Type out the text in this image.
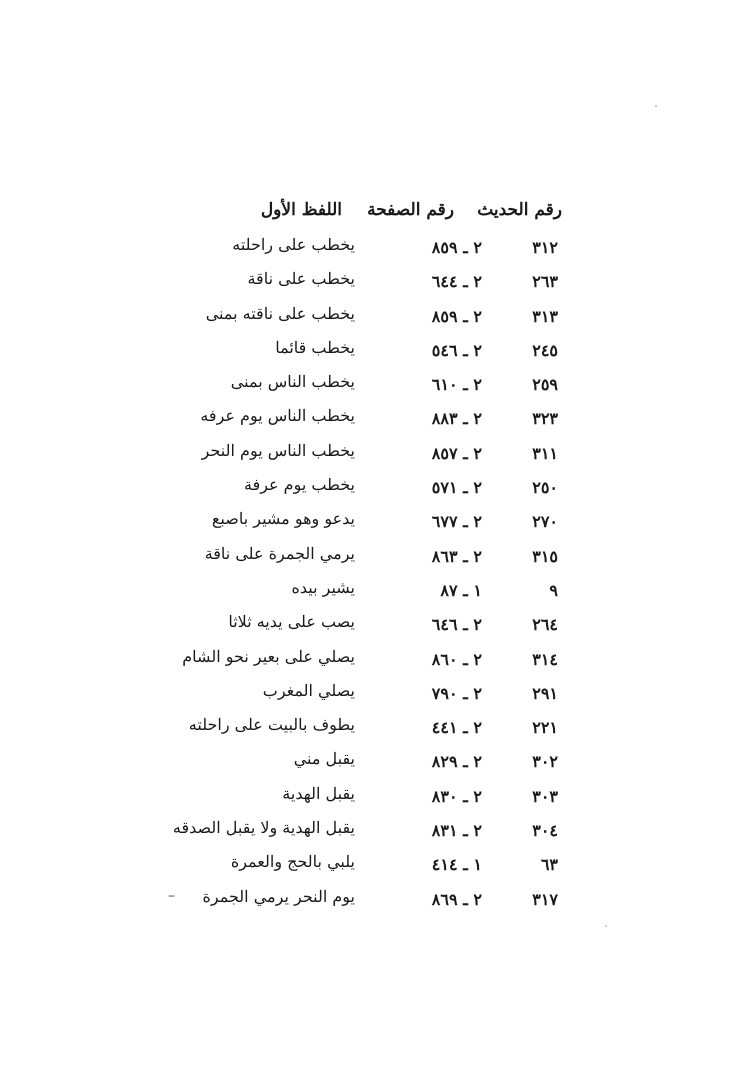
رقم الحديث
رقم الصفحة
اللفظ الأول
٣١٢
٢ ـ ٨٥٩
يخطب على راحلته
٢٦٣
٢ ـ ٦٤٤
يخطب على ناقة
٣١٣
٢ ـ ٨٥٩
يخطب على ناقته بمنى
٢٤٥
٢ ـ ٥٤٦
يخطب قائما
٢٥٩
٢ ـ ٦١٠
يخطب الناس بمنى
٣٢٣
٢ ـ ٨٨٣
يخطب الناس يوم عرفه
٣١١
٢ ـ ٨٥٧
يخطب الناس يوم النحر
٢٥٠
٢ ـ ٥٧١
يخطب يوم عرفة
٢٧٠
٢ ـ ٦٧٧
يدعو وهو مشير باصبع
٣١٥
٢ ـ ٨٦٣
يرمي الجمرة على ناقة
٩
١ ـ ٨٧
يشير بيده
٢٦٤
٢ ـ ٦٤٦
يصب على يديه ثلاثا
٣١٤
٢ ـ ٨٦٠
يصلي على بعير نحو الشام
٢٩١
٢ ـ ٧٩٠
يصلي المغرب
٢٢١
٢ ـ ٤٤١
يطوف بالبيت على راحلته
٣٠٢
٢ ـ ٨٢٩
يقبل مني
٣٠٣
٢ ـ ٨٣٠
يقبل الهدية
٣٠٤
٢ ـ ٨٣١
يقبل الهدية ولا يقبل الصدقه
٦٣
١ ـ ٤١٤
يلبي بالحج والعمرة
٣١٧
٢ ـ ٨٦٩
يوم النحر يرمي الجمرة
–
